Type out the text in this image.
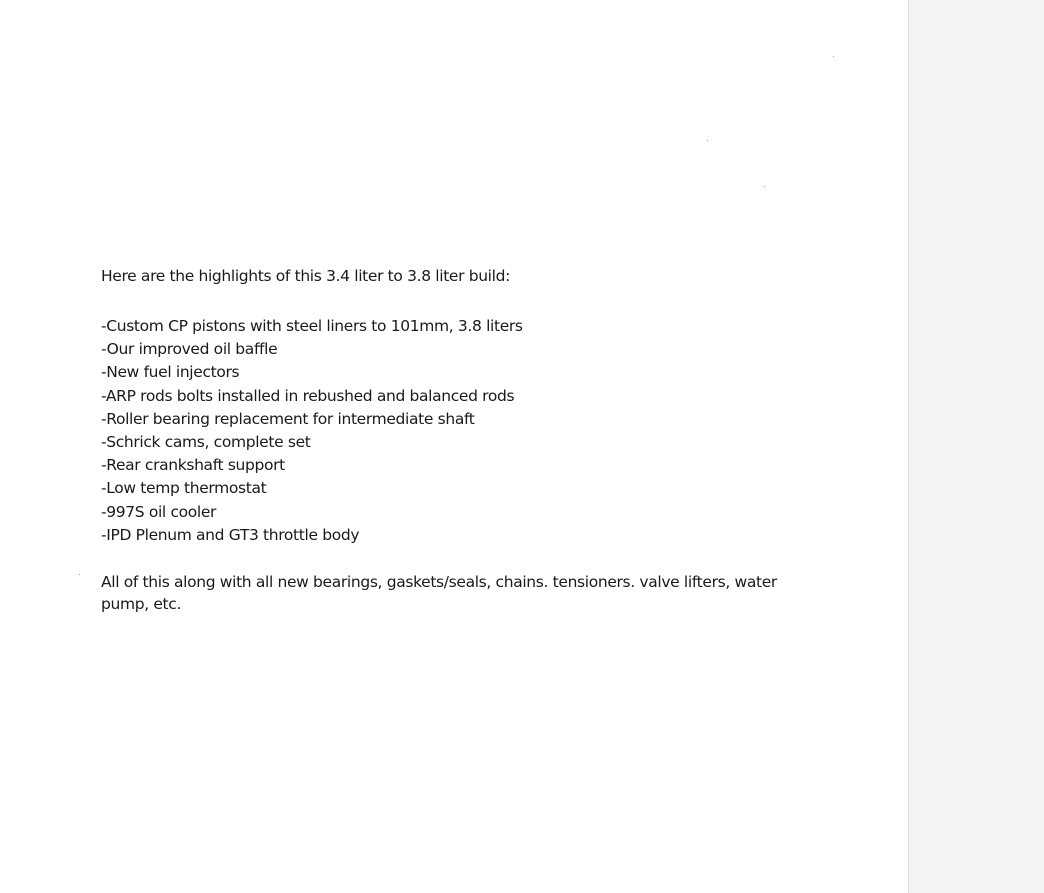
Here are the highlights of this 3.4 liter to 3.8 liter build:
-Custom CP pistons with steel liners to 101mm, 3.8 liters
-Our improved oil baffle
-New fuel injectors
-ARP rods bolts installed in rebushed and balanced rods
-Roller bearing replacement for intermediate shaft
-Schrick cams, complete set
-Rear crankshaft support
-Low temp thermostat
-997S oil cooler
-IPD Plenum and GT3 throttle body
All of this along with all new bearings, gaskets/seals, chains. tensioners. valve lifters, water pump, etc.
